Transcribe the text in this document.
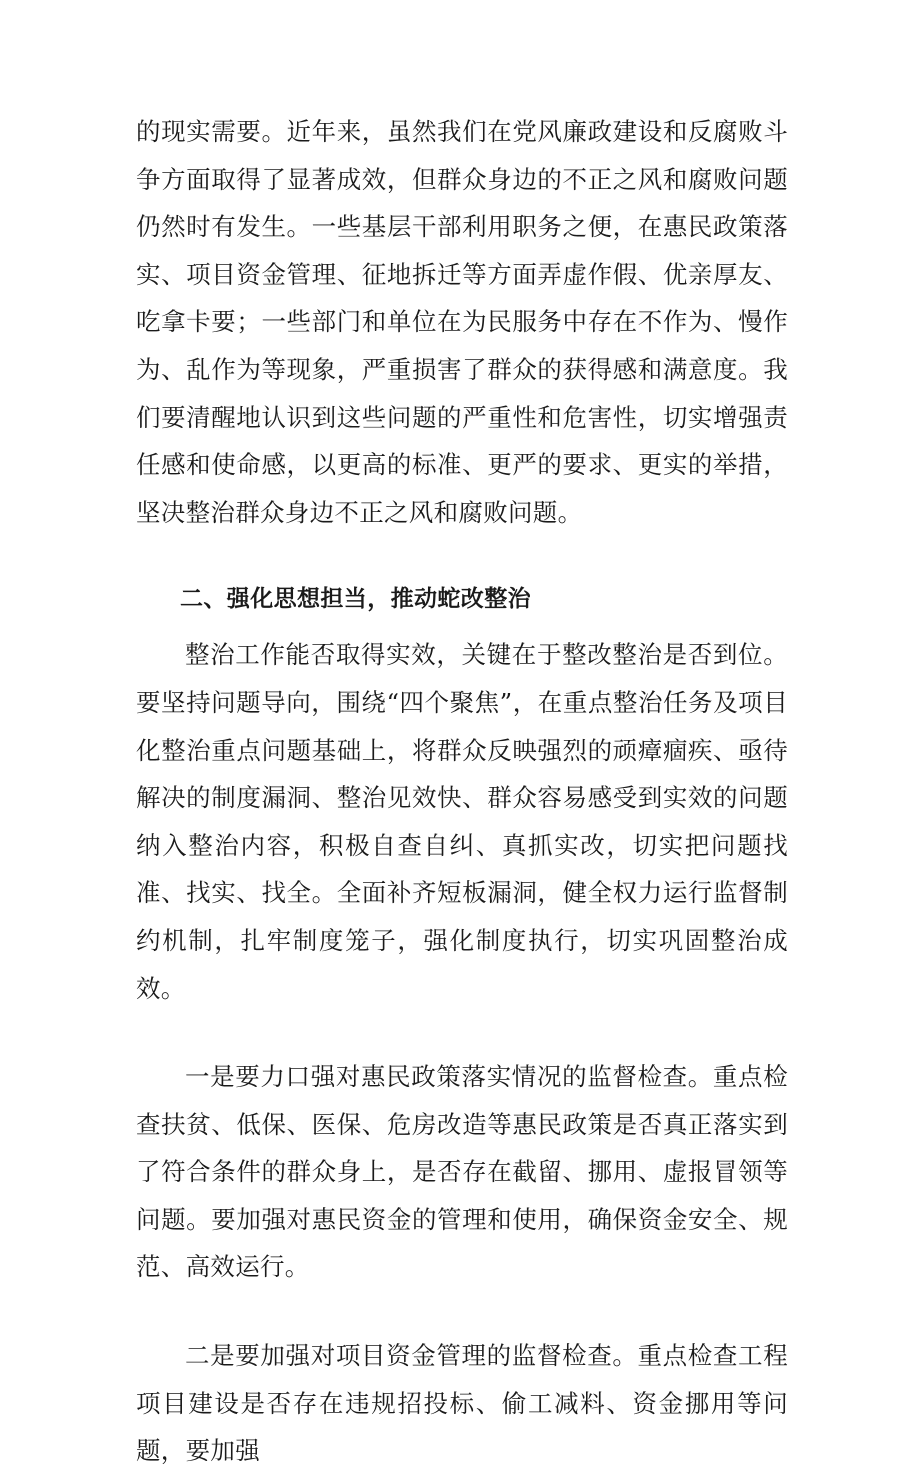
的现实需要。近年来，虽然我们在党风廉政建设和反腐败斗争方面取得了显著成效，但群众身边的不正之风和腐败问题仍然时有发生。一些基层干部利用职务之便，在惠民政策落实、项目资金管理、征地拆迁等方面弄虚作假、优亲厚友、吃拿卡要；一些部门和单位在为民服务中存在不作为、慢作为、乱作为等现象，严重损害了群众的获得感和满意度。我们要清醒地认识到这些问题的严重性和危害性，切实增强责任感和使命感，以更高的标准、更严的要求、更实的举措，坚决整治群众身边不正之风和腐败问题。

二、强化思想担当，推动蛇改整治

整治工作能否取得实效，关键在于整改整治是否到位。要坚持问题导向，围绕“四个聚焦”，在重点整治任务及项目化整治重点问题基础上，将群众反映强烈的顽瘴痼疾、亟待解决的制度漏洞、整治见效快、群众容易感受到实效的问题纳入整治内容，积极自查自纠、真抓实改，切实把问题找准、找实、找全。全面补齐短板漏洞，健全权力运行监督制约机制，扎牢制度笼子，强化制度执行，切实巩固整治成效。

一是要力口强对惠民政策落实情况的监督检查。重点检查扶贫、低保、医保、危房改造等惠民政策是否真正落实到了符合条件的群众身上，是否存在截留、挪用、虚报冒领等问题。要加强对惠民资金的管理和使用，确保资金安全、规范、高效运行。

二是要加强对项目资金管理的监督检查。重点检查工程项目建设是否存在违规招投标、偷工减料、资金挪用等问题，要加强
